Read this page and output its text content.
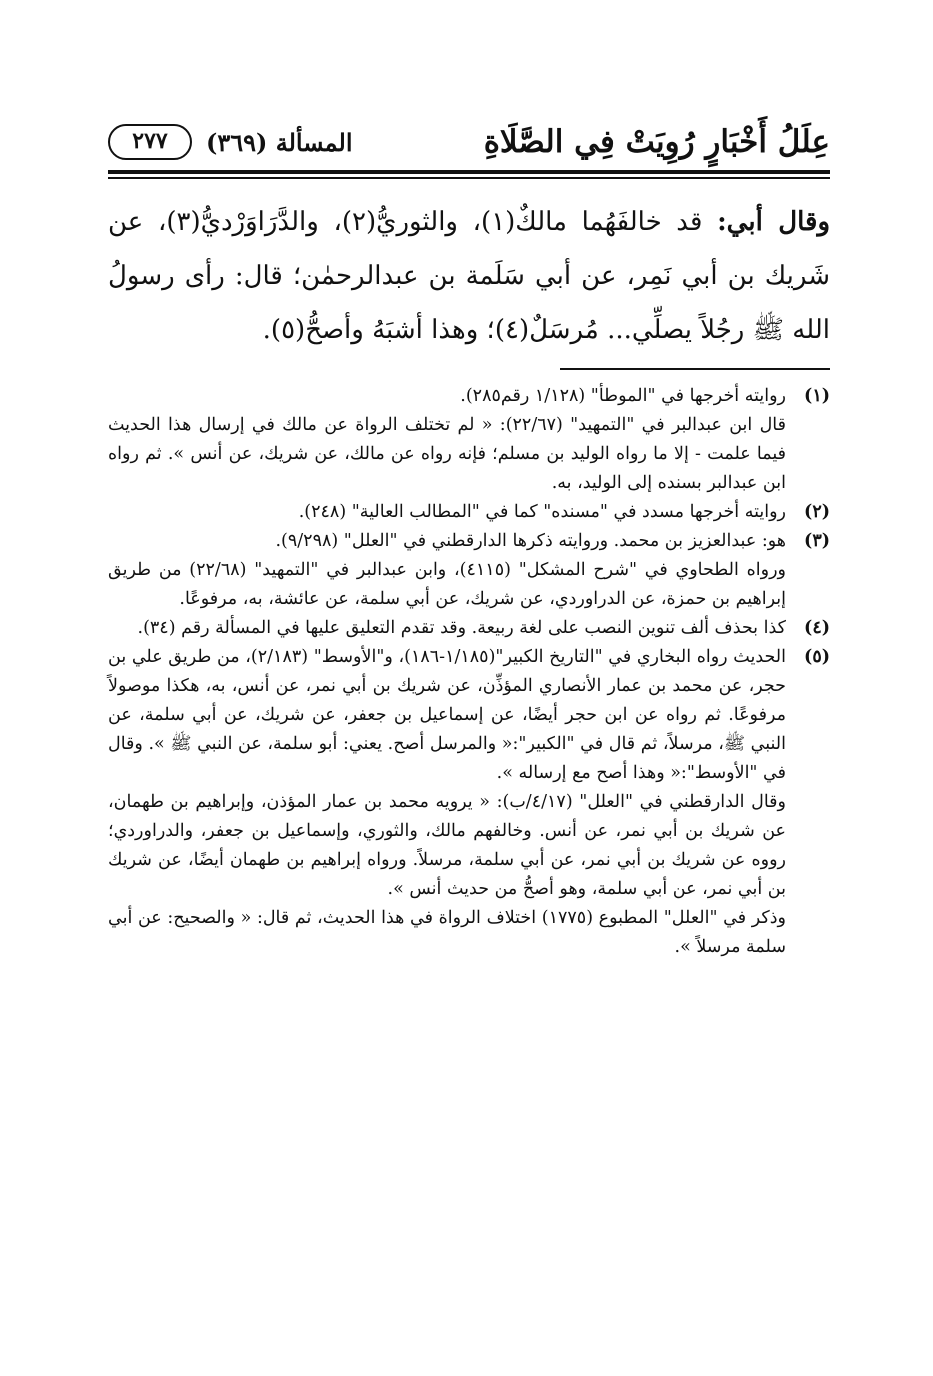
عِلَلُ أَخْبَارٍ رُوِيَتْ فِي الصَّلَاةِ
المسألة (٣٦٩)
٢٧٧

وقال أبي: قد خالفَهُما مالكٌ(١)، والثوريُّ(٢)، والدَّرَاوَرْديُّ(٣)، عن شَريك بن أبي نَمِر، عن أبي سَلَمة بن عبدالرحمٰن؛ قال: رأى رسولُ الله ﷺ رجُلاً يصلِّي... مُرسَلٌ(٤)؛ وهذا أشبَهُ وأصحُّ(٥).

(١)
روايته أخرجها في "الموطأ" (١/١٢٨ رقم٢٨٥).
قال ابن عبدالبر في "التمهيد" (٢٢/٦٧): « لم تختلف الرواة عن مالك في إرسال هذا الحديث فيما علمت - إلا ما رواه الوليد بن مسلم؛ فإنه رواه عن مالك، عن شريك، عن أنس ». ثم رواه ابن عبدالبر بسنده إلى الوليد، به.
(٢)
روايته أخرجها مسدد في "مسنده" كما في "المطالب العالية" (٢٤٨).
(٣)
هو: عبدالعزيز بن محمد. وروايته ذكرها الدارقطني في "العلل" (٩/٢٩٨).
ورواه الطحاوي في "شرح المشكل" (٤١١٥)، وابن عبدالبر في "التمهيد" (٢٢/٦٨) من طريق إبراهيم بن حمزة، عن الدراوردي، عن شريك، عن أبي سلمة، عن عائشة، به، مرفوعًا.
(٤)
كذا بحذف ألف تنوين النصب على لغة ربيعة. وقد تقدم التعليق عليها في المسألة رقم (٣٤).
(٥)
الحديث رواه البخاري في "التاريخ الكبير"(١/١٨٥-١٨٦)، و"الأوسط" (٢/١٨٣)، من طريق علي بن حجر، عن محمد بن عمار الأنصاري المؤذِّن، عن شريك بن أبي نمر، عن أنس، به، هكذا موصولاً مرفوعًا. ثم رواه عن ابن حجر أيضًا، عن إسماعيل بن جعفر، عن شريك، عن أبي سلمة، عن النبي ﷺ، مرسلاً، ثم قال في "الكبير":« والمرسل أصح. يعني: أبو سلمة، عن النبي ﷺ ». وقال في "الأوسط":« وهذا أصح مع إرساله ».
وقال الدارقطني في "العلل" (٤/١٧/ب): « يرويه محمد بن عمار المؤذن، وإبراهيم بن طهمان، عن شريك بن أبي نمر، عن أنس. وخالفهم مالك، والثوري، وإسماعيل بن جعفر، والدراوردي؛ رووه عن شريك بن أبي نمر، عن أبي سلمة، مرسلاً. ورواه إبراهيم بن طهمان أيضًا، عن شريك بن أبي نمر، عن أبي سلمة، وهو أصحُّ من حديث أنس ».
وذكر في "العلل" المطبوع (١٧٧٥) اختلاف الرواة في هذا الحديث، ثم قال: « والصحيح: عن أبي سلمة مرسلاً ».
